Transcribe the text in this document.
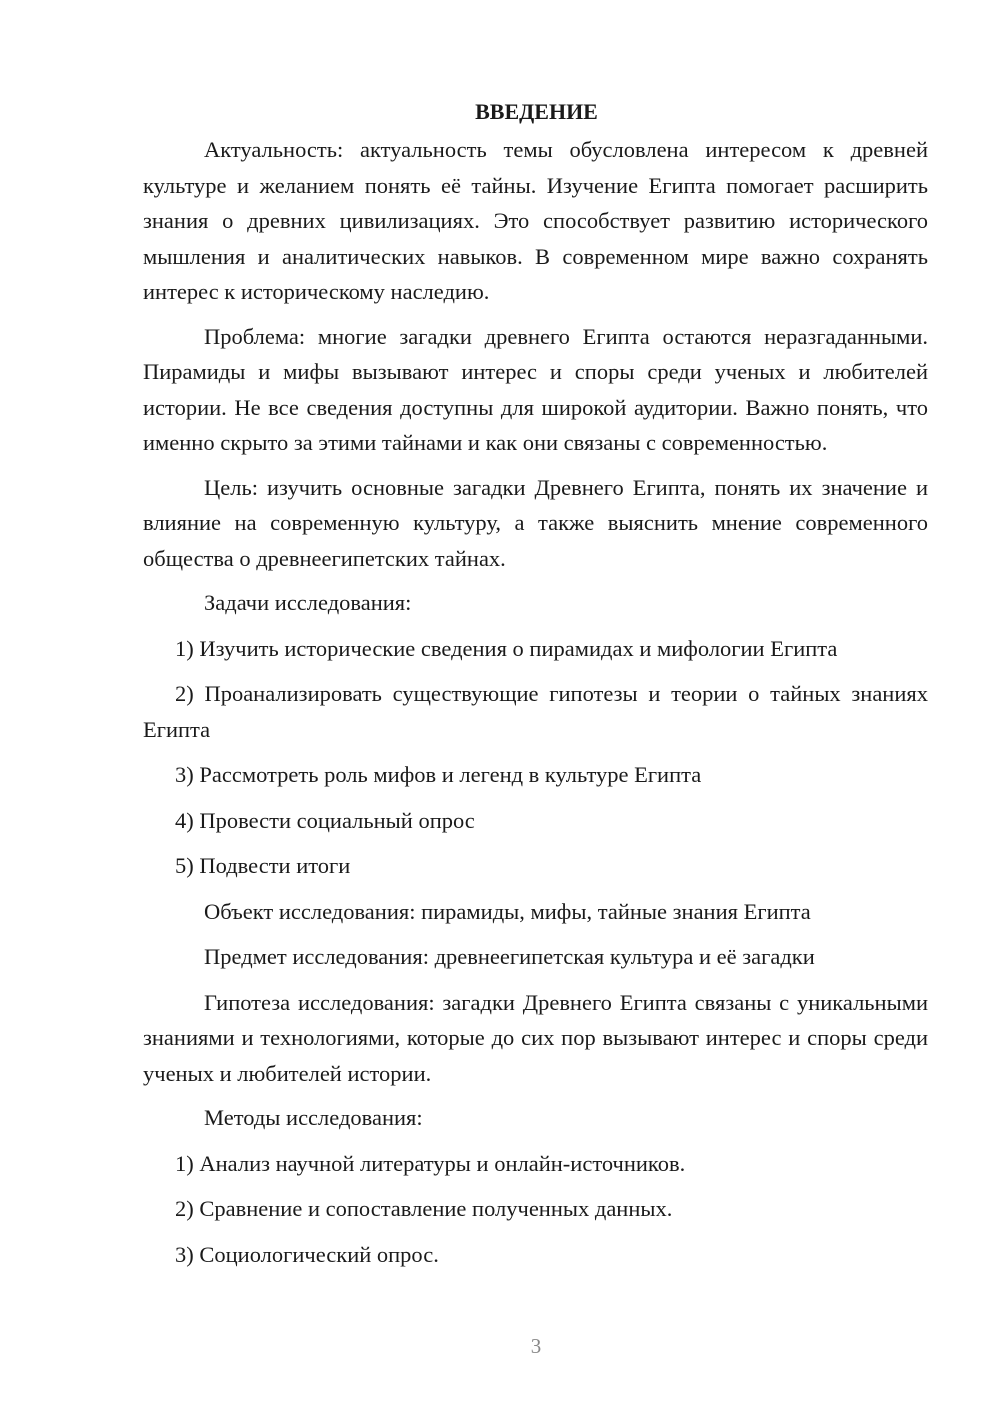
ВВЕДЕНИЕ

Актуальность: актуальность темы обусловлена интересом к древней культуре и желанием понять её тайны. Изучение Египта помогает расширить знания о древних цивилизациях. Это способствует развитию исторического мышления и аналитических навыков. В современном мире важно сохранять интерес к историческому наследию.

Проблема: многие загадки древнего Египта остаются неразгаданными. Пирамиды и мифы вызывают интерес и споры среди ученых и любителей истории. Не все сведения доступны для широкой аудитории. Важно понять, что именно скрыто за этими тайнами и как они связаны с современностью.

Цель: изучить основные загадки Древнего Египта, понять их значение и влияние на современную культуру, а также выяснить мнение современного общества о древнеегипетских тайнах.

Задачи исследования:

1) Изучить исторические сведения о пирамидах и мифологии Египта

2) Проанализировать существующие гипотезы и теории о тайных знаниях Египта

3) Рассмотреть роль мифов и легенд в культуре Египта

4) Провести социальный опрос

5) Подвести итоги

Объект исследования: пирамиды, мифы, тайные знания Египта

Предмет исследования: древнеегипетская культура и её загадки

Гипотеза исследования: загадки Древнего Египта связаны с уникальными знаниями и технологиями, которые до сих пор вызывают интерес и споры среди ученых и любителей истории.

Методы исследования:

1) Анализ научной литературы и онлайн-источников.

2) Сравнение и сопоставление полученных данных.

3) Социологический опрос.

3
